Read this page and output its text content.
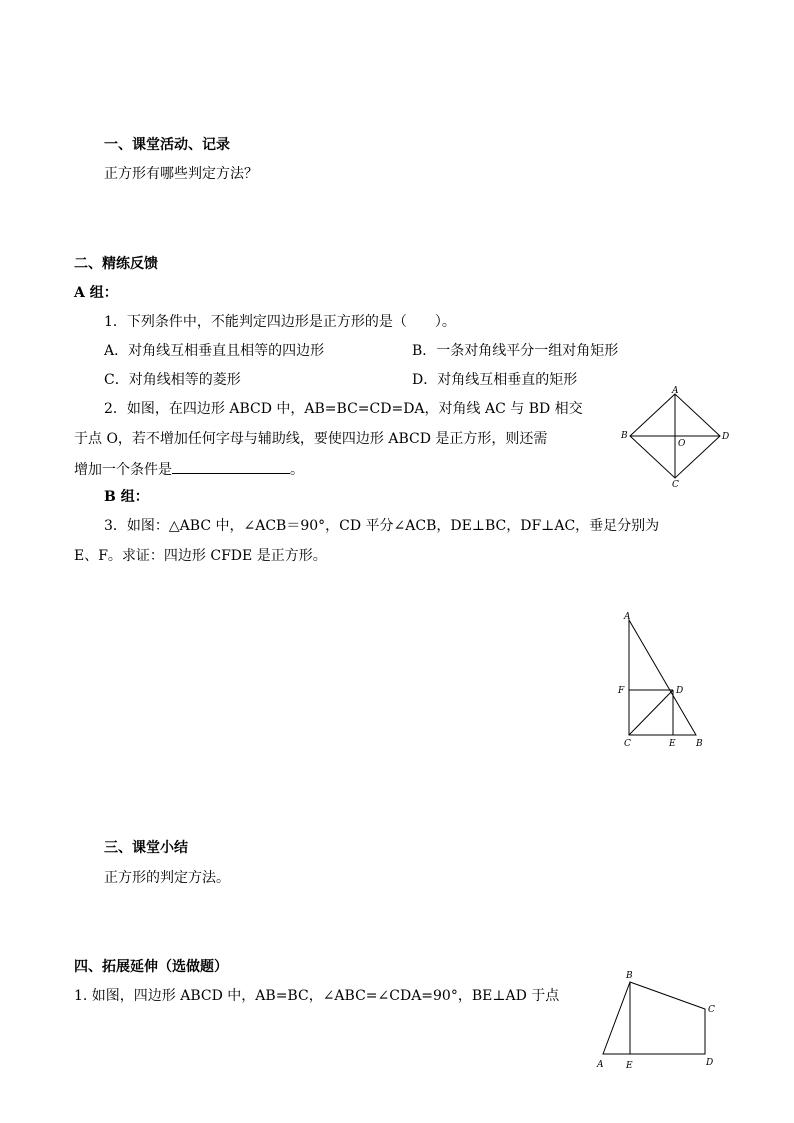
一、课堂活动、记录
正方形有哪些判定方法？
二、精练反馈
A 组：
1．下列条件中，不能判定四边形是正方形的是（　　）。
A．对角线互相垂直且相等的四边形	B．一条对角线平分一组对角矩形
C．对角线相等的菱形	D．对角线互相垂直的矩形
2．如图，在四边形 ABCD 中，AB=BC=CD=DA，对角线 AC 与 BD 相交
于点 O，若不增加任何字母与辅助线，要使四边形 ABCD 是正方形，则还需
增加一个条件是	。
B 组：
3．如图：△ABC 中，∠ACB＝90°，CD 平分∠ACB，DE⊥BC，DF⊥AC，垂足分别为
E、F。求证：四边形 CFDE 是正方形。
A
B
C
D
O
A
F	D
C	E B
三、课堂小结
正方形的判定方法。
四、拓展延伸（选做题）
1. 如图，四边形 ABCD 中，AB=BC，∠ABC=∠CDA=90°，BE⊥AD 于点
B
C
A	E	D
